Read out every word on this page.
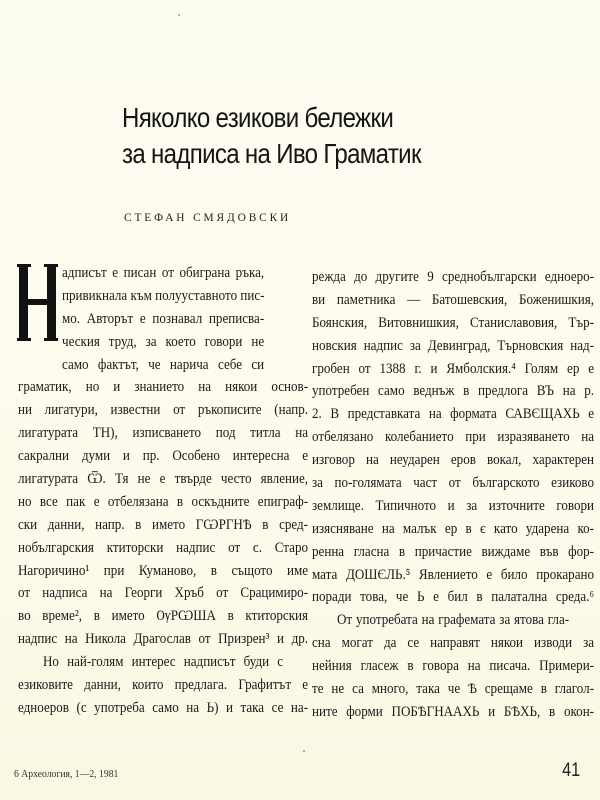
Няколко езикови бележки
за надписа на Иво Граматик
СТЕФАН СМЯДОВСКИ
адписът е писан от обиграна ръка,
привикнала към полууставното пис-
мо. Авторът е познавал преписва-
ческия труд, за което говори не
само фактът, че нарича себе си
граматик, но и знанието на някои основ-
ни лигатури, известни от ръкописите (напр.
лигатурата ТН), изписването под титла на
сакрални думи и пр. Особено интересна е
лигатурата Ѿ. Тя не е твърде често явление,
но все пак е отбелязана в оскъдните епиграф-
ски данни, напр. в името ГѠРГНѢ в сред-
нобългарския ктиторски надпис от с. Старо
Нагоричино¹ при Куманово, в същото име
от надписа на Георги Хръб от Срацимиро-
во време², в името ѸРѠША в ктиторския
надпис на Никола Драгослав от Призрен³ и др.
Но най-голям интерес надписът буди с
езиковите данни, които предлага. Графитът е
едноеров (с употреба само на Ь) и така се на-
режда до другите 9 среднобългарски едноеро-
ви паметника — Батошевския, Боженишкия,
Боянския, Витовнишкия, Станиславовия, Тър-
новския надпис за Девинград, Търновския над-
гробен от 1388 г. и Ямболския.⁴ Голям ер е
употребен само веднъж в предлога ВЪ на р.
2. В представката на формата САВЄЩАХЬ е
отбелязано колебанието при изразяването на
изговор на неударен еров вокал, характерен
за по-голямата част от българското езиково
землище. Типичното и за източните говори
изясняване на малък ер в є като ударена ко-
ренна гласна в причастие виждаме във фор-
мата ДОШЄЛЬ.⁵ Явлението е било прокарано
поради това, че Ь е бил в палатална среда.⁶
От употребата на графемата за ятова гла-
сна могат да се направят някои изводи за
нейния гласеж в говора на писача. Примери-
те не са много, така че Ѣ срещаме в глагол-
ните форми ПОБѢГНААХЬ и БѢХЬ, в окон-
6 Археология, 1—2, 1981	41
